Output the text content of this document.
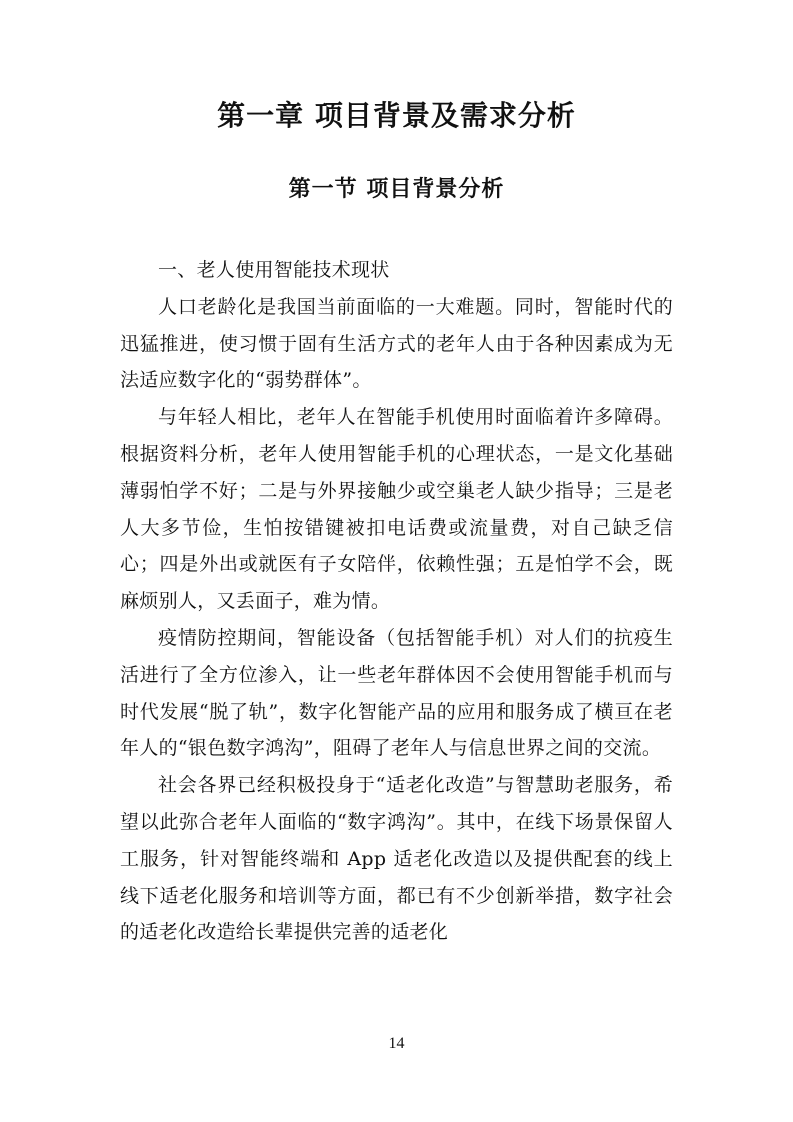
第一章 项目背景及需求分析
第一节 项目背景分析

一、老人使用智能技术现状

人口老龄化是我国当前面临的一大难题。同时，智能时代的迅猛推进，使习惯于固有生活方式的老年人由于各种因素成为无法适应数字化的“弱势群体”。

与年轻人相比，老年人在智能手机使用时面临着许多障碍。根据资料分析，老年人使用智能手机的心理状态，一是文化基础薄弱怕学不好；二是与外界接触少或空巢老人缺少指导；三是老人大多节俭，生怕按错键被扣电话费或流量费，对自己缺乏信心；四是外出或就医有子女陪伴，依赖性强；五是怕学不会，既麻烦别人，又丢面子，难为情。

疫情防控期间，智能设备（包括智能手机）对人们的抗疫生活进行了全方位渗入，让一些老年群体因不会使用智能手机而与时代发展“脱了轨”，数字化智能产品的应用和服务成了横亘在老年人的“银色数字鸿沟”，阻碍了老年人与信息世界之间的交流。

社会各界已经积极投身于“适老化改造”与智慧助老服务，希望以此弥合老年人面临的“数字鸿沟”。其中，在线下场景保留人工服务，针对智能终端和 App 适老化改造以及提供配套的线上线下适老化服务和培训等方面，都已有不少创新举措，数字社会的适老化改造给长辈提供完善的适老化

14
